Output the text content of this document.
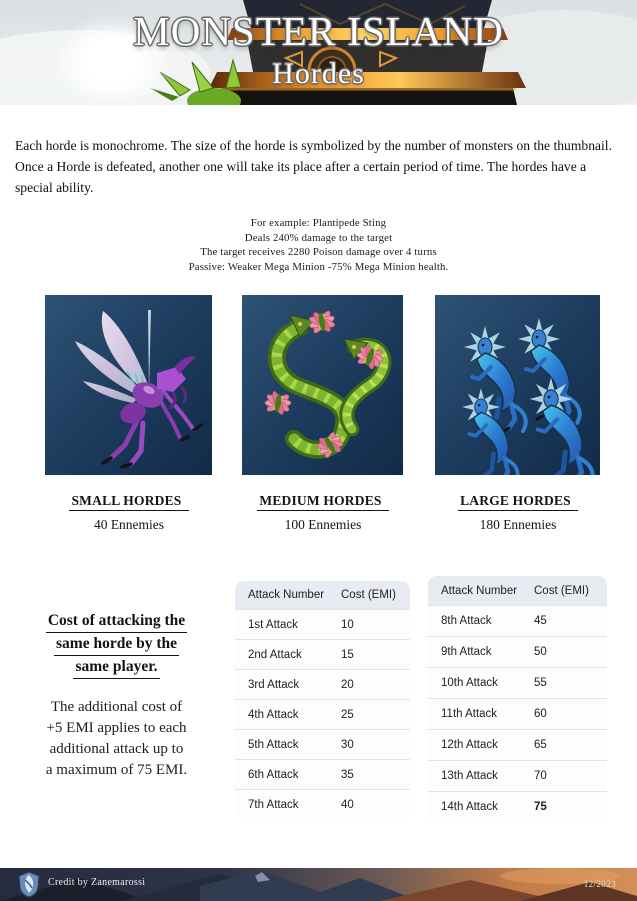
MONSTER ISLAND
Hordes
Each horde is monochrome. The size of the horde is symbolized by the number of monsters on the thumbnail. Once a Horde is defeated, another one will take its place after a certain period of time. The hordes have a special ability.
For example: Plantipede Sting
Deals 240% damage to the target
The target receives 2280 Poison damage over 4 turns
Passive: Weaker Mega Minion -75% Mega Minion health.
SMALL HORDES
40 Ennemies
MEDIUM HORDES
100 Ennemies
LARGE HORDES
180 Ennemies
Cost of attacking the
same horde by the
same player.
The additional cost of
+5 EMI applies to each
additional attack up to
a maximum of 75 EMI.
Attack Number	Cost (EMI)
1st Attack	10
2nd Attack	15
3rd Attack	20
4th Attack	25
5th Attack	30
6th Attack	35
7th Attack	40
Attack Number	Cost (EMI)
8th Attack	45
9th Attack	50
10th Attack	55
11th Attack	60
12th Attack	65
13th Attack	70
14th Attack	75
Credit by Zanemarossi	12/2023
